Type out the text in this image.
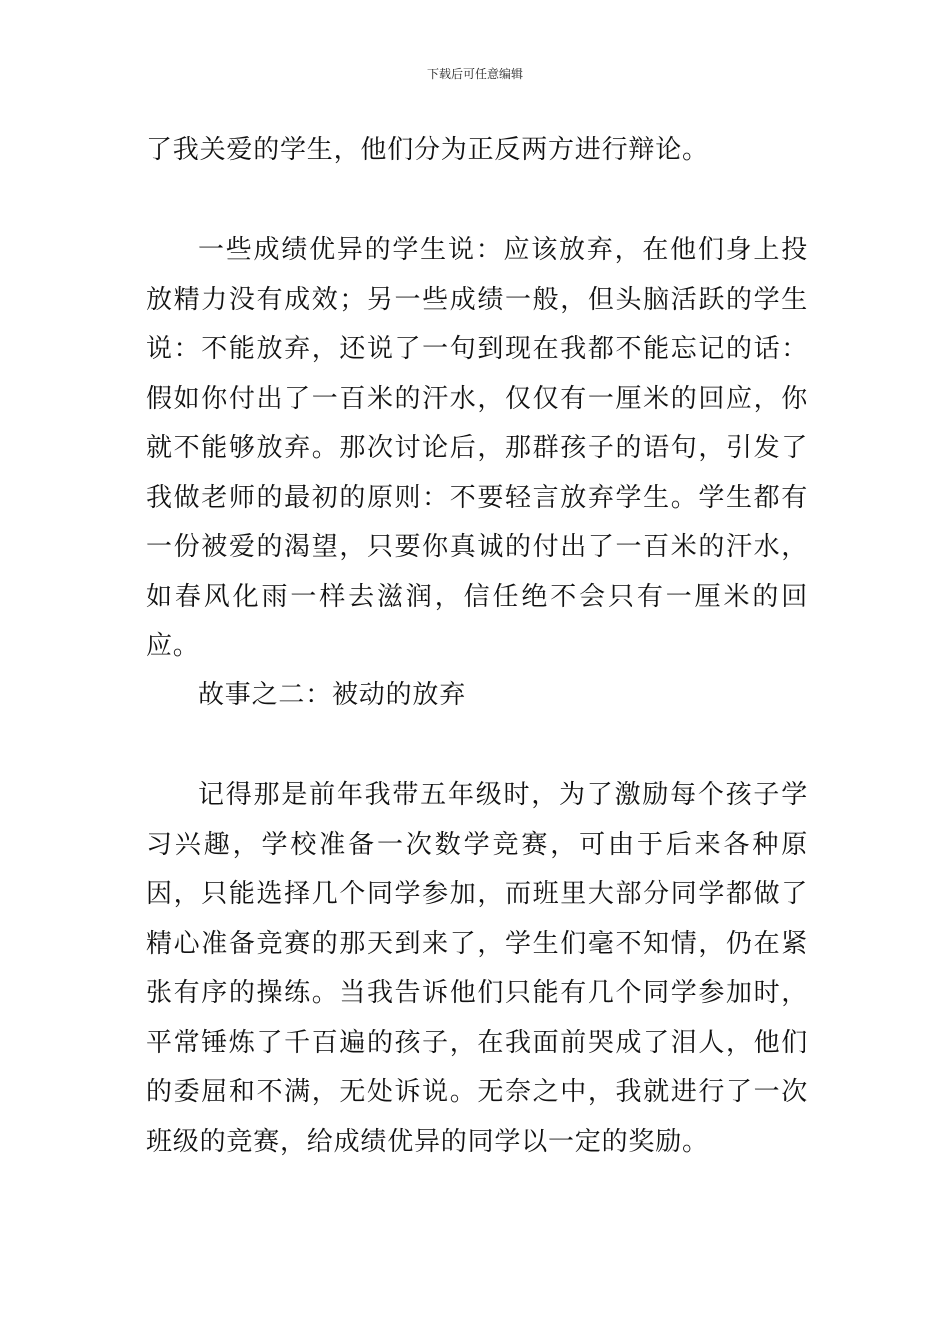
下载后可任意编辑

了我关爱的学生，他们分为正反两方进行辩论。

一些成绩优异的学生说：应该放弃，在他们身上投放精力没有成效；另一些成绩一般，但头脑活跃的学生说：不能放弃，还说了一句到现在我都不能忘记的话：假如你付出了一百米的汗水，仅仅有一厘米的回应，你就不能够放弃。那次讨论后，那群孩子的语句，引发了我做老师的最初的原则：不要轻言放弃学生。学生都有一份被爱的渴望，只要你真诚的付出了一百米的汗水，如春风化雨一样去滋润，信任绝不会只有一厘米的回应。

故事之二：被动的放弃

记得那是前年我带五年级时，为了激励每个孩子学习兴趣，学校准备一次数学竞赛，可由于后来各种原因，只能选择几个同学参加，而班里大部分同学都做了精心准备竞赛的那天到来了，学生们毫不知情，仍在紧张有序的操练。当我告诉他们只能有几个同学参加时，平常锤炼了千百遍的孩子，在我面前哭成了泪人，他们的委屈和不满，无处诉说。无奈之中，我就进行了一次班级的竞赛，给成绩优异的同学以一定的奖励。
